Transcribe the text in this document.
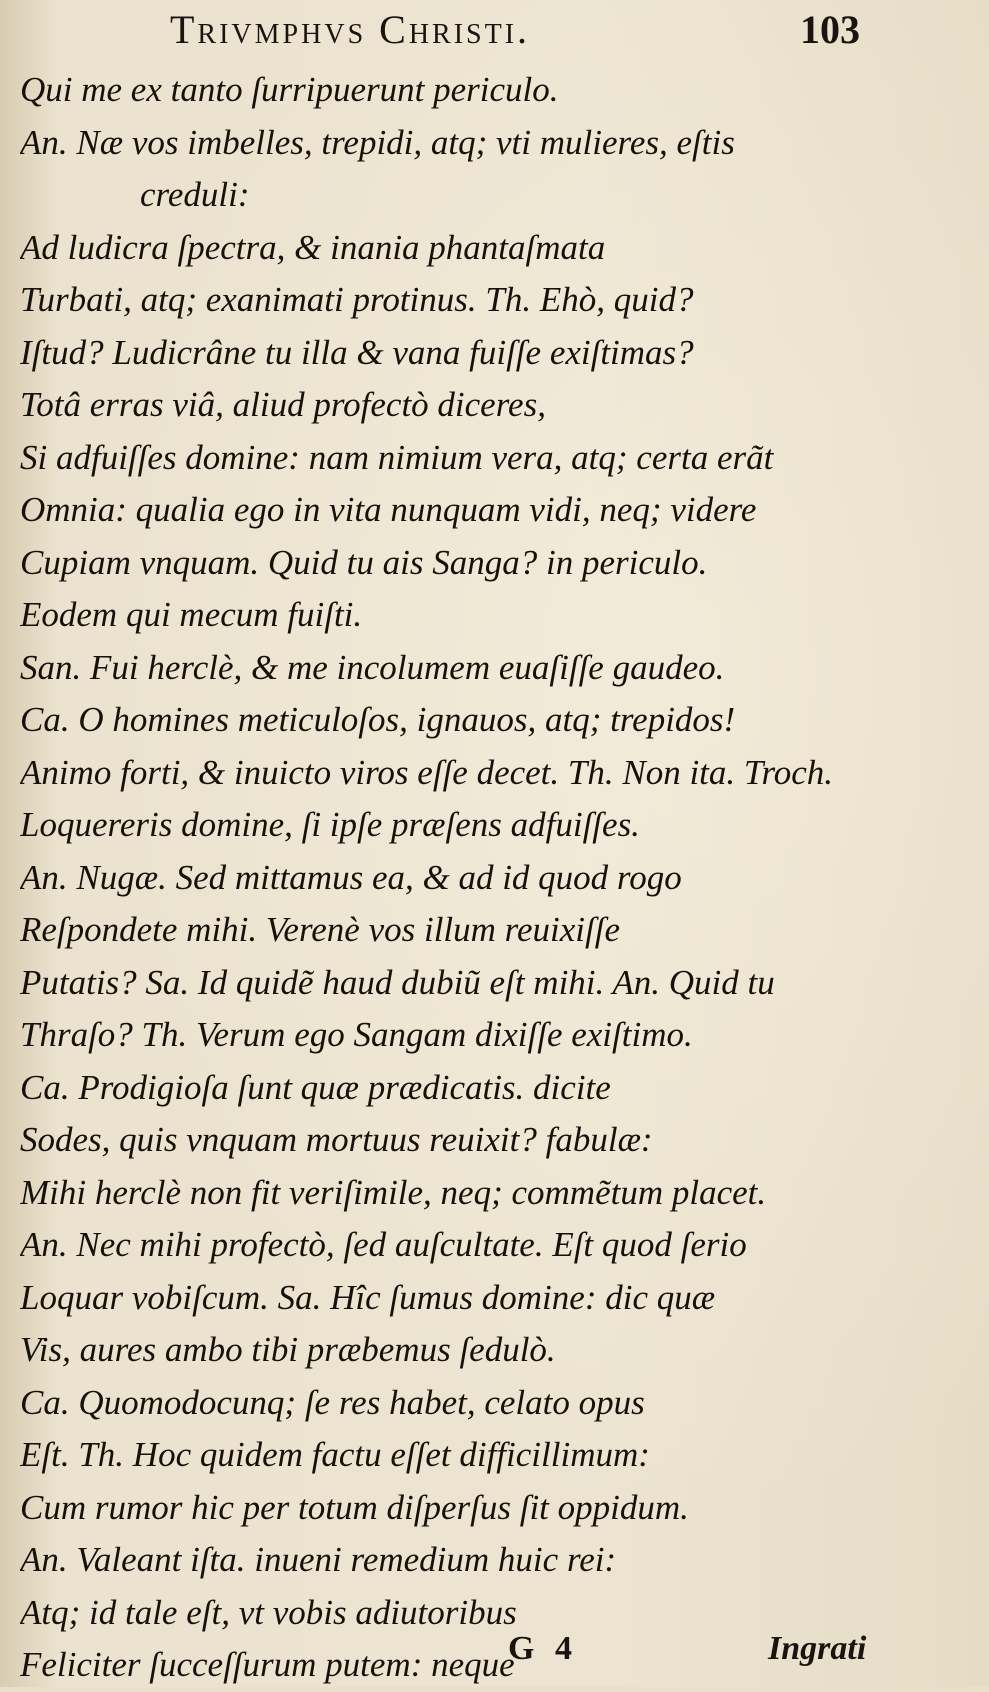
Trivmphvs Christi.	103
Qui me ex tanto ſurripuerunt periculo.
An. Næ vos imbelles, trepidi, atq; vti mulieres, eſtis
creduli:
Ad ludicra ſpectra, & inania phantaſmata
Turbati, atq; exanimati protinus. Th. Ehò, quid?
Iſtud? Ludicrâne tu illa & vana fuiſſe exiſtimas?
Totâ erras viâ, aliud profectò diceres,
Si adfuiſſes domine: nam nimium vera, atq; certa erãt
Omnia: qualia ego in vita nunquam vidi, neq; videre
Cupiam vnquam. Quid tu ais Sanga? in periculo.
Eodem qui mecum fuiſti.
San. Fui herclè, & me incolumem euaſiſſe gaudeo.
Ca. O homines meticuloſos, ignauos, atq; trepidos!
Animo forti, & inuicto viros eſſe decet. Th. Non ita. Troch.
Loquereris domine, ſi ipſe præſens adfuiſſes.
An. Nugæ. Sed mittamus ea, & ad id quod rogo
Reſpondete mihi. Verenè vos illum reuixiſſe
Putatis? Sa. Id quidẽ haud dubiũ eſt mihi. An. Quid tu
Thraſo? Th. Verum ego Sangam dixiſſe exiſtimo.
Ca. Prodigioſa ſunt quæ prædicatis. dicite
Sodes, quis vnquam mortuus reuixit? fabulæ:
Mihi herclè non fit veriſimile, neq; commẽtum placet.
An. Nec mihi profectò, ſed auſcultate. Eſt quod ſerio
Loquar vobiſcum. Sa. Hîc ſumus domine: dic quæ
Vis, aures ambo tibi præbemus ſedulò.
Ca. Quomodocunq; ſe res habet, celato opus
Eſt. Th. Hoc quidem factu eſſet difficillimum:
Cum rumor hic per totum diſperſus ſit oppidum.
An. Valeant iſta. inueni remedium huic rei:
Atq; id tale eſt, vt vobis adiutoribus
Feliciter ſucceſſurum putem: neque
G 4	Ingrati
